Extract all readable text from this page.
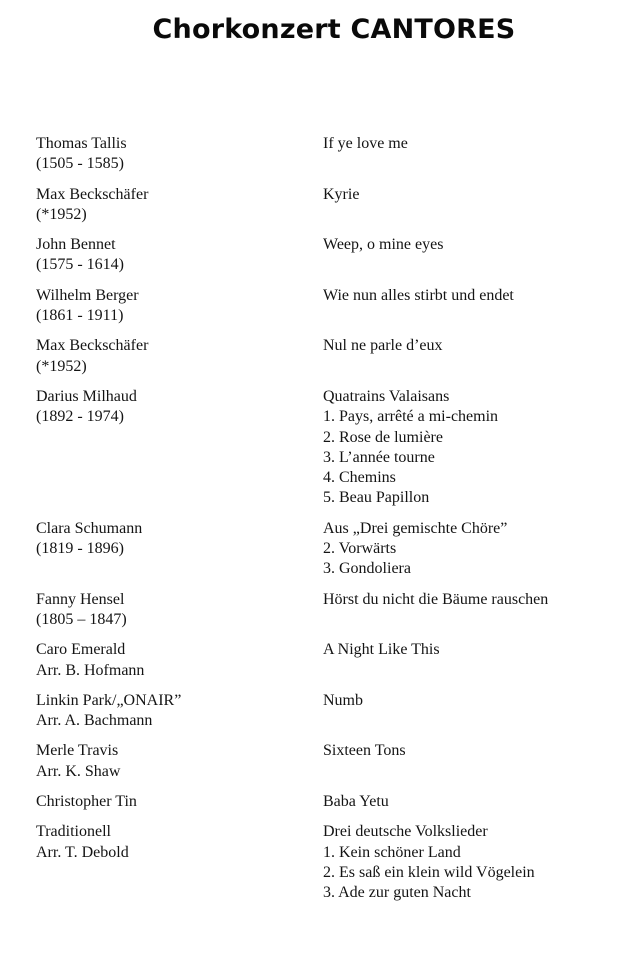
Chorkonzert CANTORES
Thomas Tallis
(1505 - 1585)
If ye love me
Max Beckschäfer
(*1952)
Kyrie
John Bennet
(1575 - 1614)
Weep, o mine eyes
Wilhelm Berger
(1861 - 1911)
Wie nun alles stirbt und endet
Max Beckschäfer
(*1952)
Nul ne parle d’eux
Darius Milhaud
(1892 - 1974)
Quatrains Valaisans
1. Pays, arrêté a mi-chemin
2. Rose de lumière
3. L’année tourne
4. Chemins
5. Beau Papillon
Clara Schumann
(1819 - 1896)
Aus „Drei gemischte Chöre”
2. Vorwärts
3. Gondoliera
Fanny Hensel
(1805 – 1847)
Hörst du nicht die Bäume rauschen
Caro Emerald
Arr. B. Hofmann
A Night Like This
Linkin Park/„ONAIR”
Arr. A. Bachmann
Numb
Merle Travis
Arr. K. Shaw
Sixteen Tons
Christopher Tin	Baba Yetu
Traditionell
Arr. T. Debold
Drei deutsche Volkslieder
1. Kein schöner Land
2. Es saß ein klein wild Vögelein
3. Ade zur guten Nacht
